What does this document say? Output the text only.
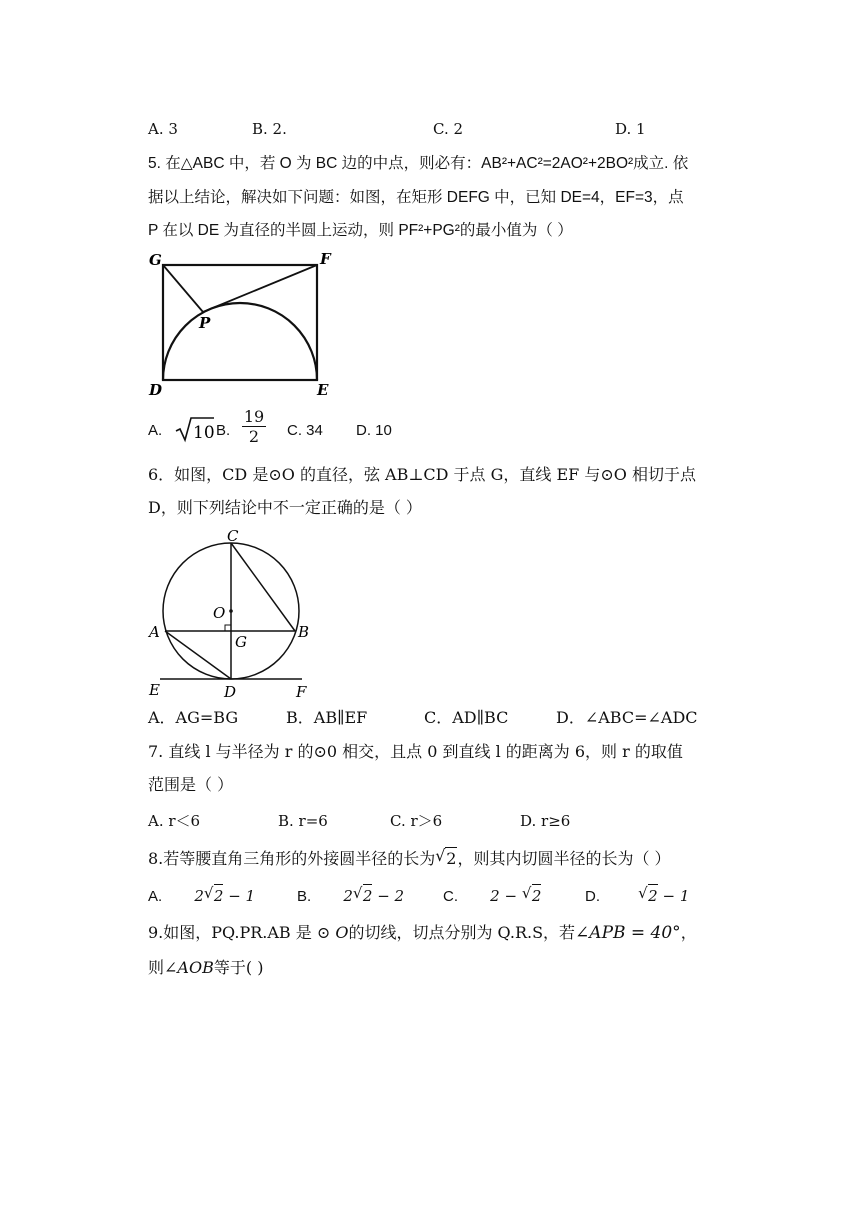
A. 3	B. 2.	C. 2	D. 1
5. 在△ABC 中，若 O 为 BC 边的中点，则必有：AB²+AC²=2AO²+2BO²成立. 依
据以上结论，解决如下问题：如图，在矩形 DEFG 中，已知 DE=4，EF=3，点
P 在以 DE 为直径的半圆上运动，则 PF²+PG²的最小值为（ ）
G	F
P
D	E
A. 10 B.
19
2	C. 34 D. 10
6．如图，CD 是⊙O 的直径，弦 AB⊥CD 于点 G，直线 EF 与⊙O 相切于点
D，则下列结论中不一定正确的是（ ）
C
O
A
G
B
E	D	F
A．AG=BG	B．AB∥EF	C．AD∥BC	D．∠ABC=∠ADC
7. 直线 l 与半径为 r 的⊙0 相交，且点 0 到直线 l 的距离为 6，则 r 的取值
范围是（ ）
A. r＜6	B. r=6	C. r＞6	D. r≥6
8.若等腰直角三角形的外接圆半径的长为 √ 2，则其内切圆半径的长为（ ）
A. 2 √ 2 − 1	B. 2 √ 2 − 2	C. 2 − √ 2	D.	√ 2 − 1
9.如图，PQ.PR.AB 是 ⊙ O的切线，切点分别为 Q.R.S，若∠APB = 40°，
则∠AOB等于( )
